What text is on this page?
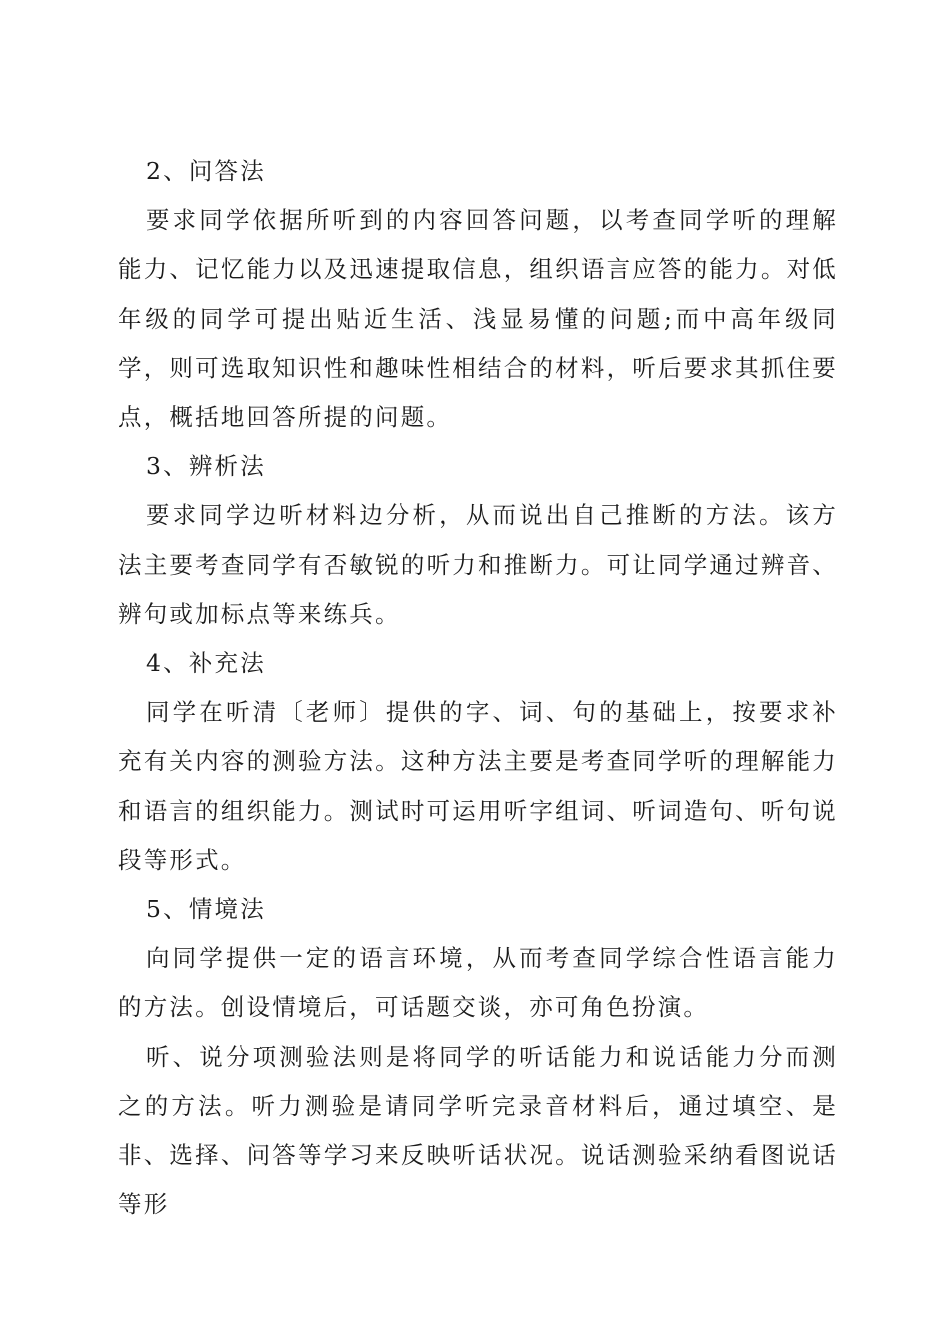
2、问答法

要求同学依据所听到的内容回答问题，以考查同学听的理解能力、记忆能力以及迅速提取信息，组织语言应答的能力。对低年级的同学可提出贴近生活、浅显易懂的问题;而中高年级同学，则可选取知识性和趣味性相结合的材料，听后要求其抓住要点，概括地回答所提的问题。

3、辨析法

要求同学边听材料边分析，从而说出自己推断的方法。该方法主要考查同学有否敏锐的听力和推断力。可让同学通过辨音、辨句或加标点等来练兵。

4、补充法

同学在听清〔老师〕提供的字、词、句的基础上，按要求补充有关内容的测验方法。这种方法主要是考查同学听的理解能力和语言的组织能力。测试时可运用听字组词、听词造句、听句说段等形式。

5、情境法

向同学提供一定的语言环境，从而考查同学综合性语言能力的方法。创设情境后，可话题交谈，亦可角色扮演。

听、说分项测验法则是将同学的听话能力和说话能力分而测之的方法。听力测验是请同学听完录音材料后，通过填空、是非、选择、问答等学习来反映听话状况。说话测验采纳看图说话等形
